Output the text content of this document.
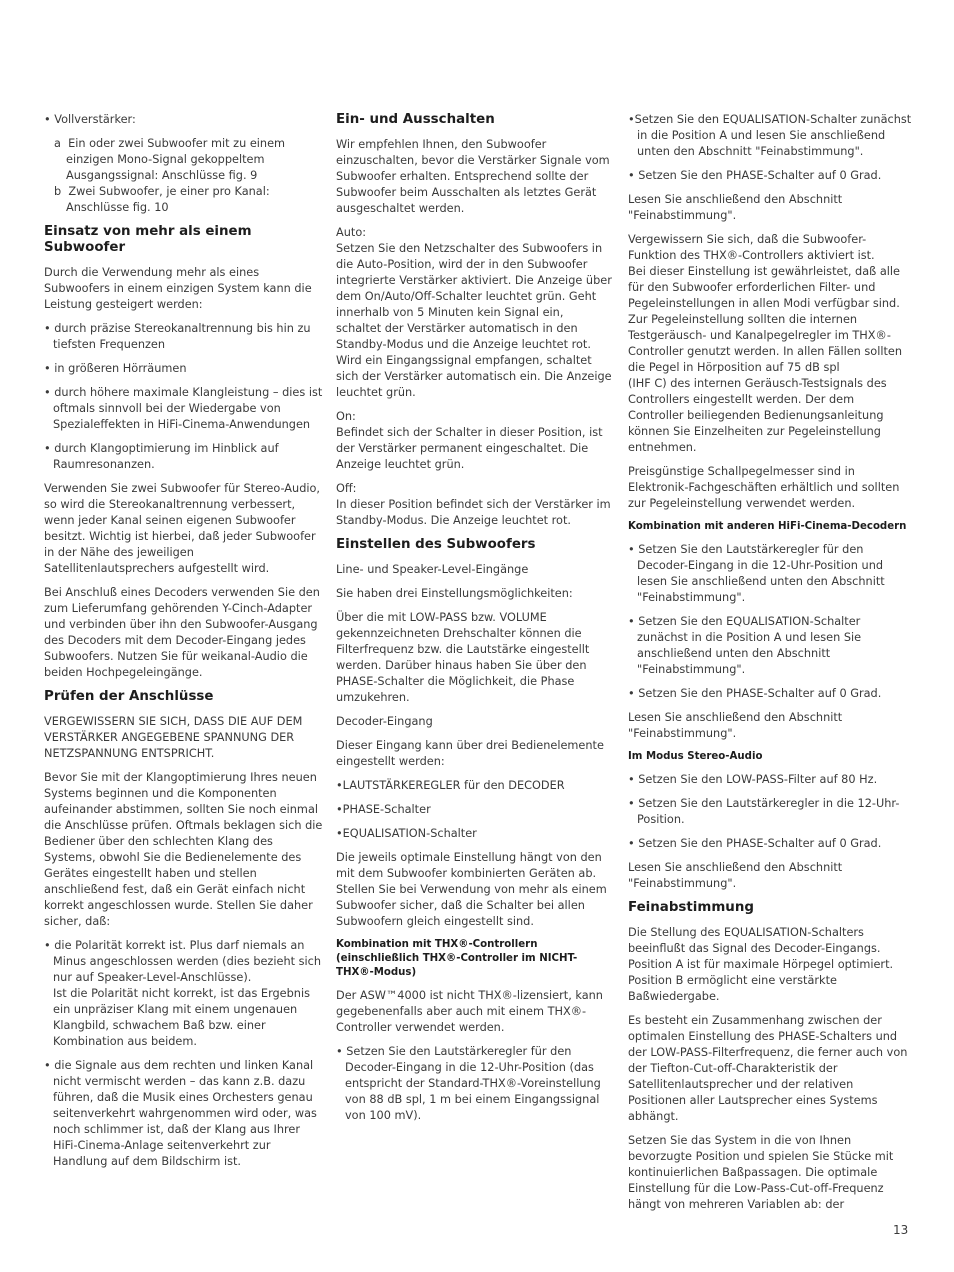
• Vollverstärker:

a  Ein oder zwei Subwoofer mit zu einem einzigen Mono-Signal gekoppeltem Ausgangssignal: Anschlüsse fig. 9

b  Zwei Subwoofer, je einer pro Kanal: Anschlüsse fig. 10

Einsatz von mehr als einem Subwoofer

Durch die Verwendung mehr als eines Subwoofers in einem einzigen System kann die Leistung gesteigert werden:

• durch präzise Stereokanaltrennung bis hin zu tiefsten Frequenzen
• in größeren Hörräumen
• durch höhere maximale Klangleistung – dies ist oftmals sinnvoll bei der Wiedergabe von Spezialeffekten in HiFi-Cinema-Anwendungen
• durch Klangoptimierung im Hinblick auf Raumresonanzen.

Verwenden Sie zwei Subwoofer für Stereo-Audio, so wird die Stereokanaltrennung verbessert, wenn jeder Kanal seinen eigenen Subwoofer besitzt. Wichtig ist hierbei, daß jeder Subwoofer in der Nähe des jeweiligen Satellitenlautsprechers aufgestellt wird.

Bei Anschluß eines Decoders verwenden Sie den zum Lieferumfang gehörenden Y-Cinch-Adapter und verbinden über ihn den Subwoofer-Ausgang des Decoders mit dem Decoder-Eingang jedes Subwoofers. Nutzen Sie für weikanal-Audio die beiden Hochpegeleingänge.

Prüfen der Anschlüsse

VERGEWISSERN SIE SICH, DASS DIE AUF DEM VERSTÄRKER ANGEGEBENE SPANNUNG DER NETZSPANNUNG ENTSPRICHT.

Bevor Sie mit der Klangoptimierung Ihres neuen Systems beginnen und die Komponenten aufeinander abstimmen, sollten Sie noch einmal die Anschlüsse prüfen. Oftmals beklagen sich die Bediener über den schlechten Klang des Systems, obwohl Sie die Bedienelemente des Gerätes eingestellt haben und stellen anschließend fest, daß ein Gerät einfach nicht korrekt angeschlossen wurde. Stellen Sie daher sicher, daß:

• die Polarität korrekt ist. Plus darf niemals an Minus angeschlossen werden (dies bezieht sich nur auf Speaker-Level-Anschlüsse).
Ist die Polarität nicht korrekt, ist das Ergebnis ein unpräziser Klang mit einem ungenauen Klangbild, schwachem Baß bzw. einer Kombination aus beidem.
• die Signale aus dem rechten und linken Kanal nicht vermischt werden – das kann z.B. dazu führen, daß die Musik eines Orchesters genau seitenverkehrt wahrgenommen wird oder, was noch schlimmer ist, daß der Klang aus Ihrer HiFi-Cinema-Anlage seitenverkehrt zur Handlung auf dem Bildschirm ist.
Ein- und Ausschalten

Wir empfehlen Ihnen, den Subwoofer einzuschalten, bevor die Verstärker Signale vom Subwoofer erhalten. Entsprechend sollte der Subwoofer beim Ausschalten als letztes Gerät ausgeschaltet werden.

Auto:
Setzen Sie den Netzschalter des Subwoofers in die Auto-Position, wird der in den Subwoofer integrierte Verstärker aktiviert. Die Anzeige über dem On/Auto/Off-Schalter leuchtet grün. Geht innerhalb von 5 Minuten kein Signal ein, schaltet der Verstärker automatisch in den Standby-Modus und die Anzeige leuchtet rot. Wird ein Eingangssignal empfangen, schaltet sich der Verstärker automatisch ein. Die Anzeige leuchtet grün.

On:
Befindet sich der Schalter in dieser Position, ist der Verstärker permanent eingeschaltet. Die Anzeige leuchtet grün.

Off:
In dieser Position befindet sich der Verstärker im Standby-Modus. Die Anzeige leuchtet rot.

Einstellen des Subwoofers

Line- und Speaker-Level-Eingänge

Sie haben drei Einstellungsmöglichkeiten:

Über die mit LOW-PASS bzw. VOLUME gekennzeichneten Drehschalter können die Filterfrequenz bzw. die Lautstärke eingestellt werden. Darüber hinaus haben Sie über den PHASE-Schalter die Möglichkeit, die Phase umzukehren.

Decoder-Eingang

Dieser Eingang kann über drei Bedienelemente eingestellt werden:

•LAUTSTÄRKEREGLER für den DECODER

•PHASE-Schalter

•EQUALISATION-Schalter

Die jeweils optimale Einstellung hängt von den mit dem Subwoofer kombinierten Geräten ab. Stellen Sie bei Verwendung von mehr als einem Subwoofer sicher, daß die Schalter bei allen Subwoofern gleich eingestellt sind.

Kombination mit THX®-Controllern (einschließlich THX®-Controller im NICHT-THX®-Modus)

Der ASW™4000 ist nicht THX®-lizensiert, kann gegebenenfalls aber auch mit einem THX®-Controller verwendet werden.

• Setzen Sie den Lautstärkeregler für den Decoder-Eingang in die 12-Uhr-Position (das entspricht der Standard-THX®-Voreinstellung von 88 dB spl, 1 m bei einem Eingangssignal von 100 mV).
•Setzen Sie den EQUALISATION-Schalter zunächst in die Position A und lesen Sie anschließend unten den Abschnitt "Feinabstimmung".
• Setzen Sie den PHASE-Schalter auf 0 Grad.

Lesen Sie anschließend den Abschnitt "Feinabstimmung".

Vergewissern Sie sich, daß die Subwoofer-Funktion des THX®-Controllers aktiviert ist.
Bei dieser Einstellung ist gewährleistet, daß alle für den Subwoofer erforderlichen Filter- und Pegeleinstellungen in allen Modi verfügbar sind. Zur Pegeleinstellung sollten die internen Testgeräusch- und Kanalpegelregler im THX®-Controller genutzt werden. In allen Fällen sollten die Pegel in Hörposition auf 75 dB spl
(IHF C) des internen Geräusch-Testsignals des Controllers eingestellt werden. Der dem Controller beiliegenden Bedienungsanleitung können Sie Einzelheiten zur Pegeleinstellung entnehmen.

Preisgünstige Schallpegelmesser sind in Elektronik-Fachgeschäften erhältlich und sollten zur Pegeleinstellung verwendet werden.

Kombination mit anderen HiFi-Cinema-Decodern
• Setzen Sie den Lautstärkeregler für den Decoder-Eingang in die 12-Uhr-Position und lesen Sie anschließend unten den Abschnitt "Feinabstimmung".
• Setzen Sie den EQUALISATION-Schalter zunächst in die Position A und lesen Sie anschließend unten den Abschnitt "Feinabstimmung".
• Setzen Sie den PHASE-Schalter auf 0 Grad.

Lesen Sie anschließend den Abschnitt "Feinabstimmung".

Im Modus Stereo-Audio
• Setzen Sie den LOW-PASS-Filter auf 80 Hz.
• Setzen Sie den Lautstärkeregler in die 12-Uhr-Position.
• Setzen Sie den PHASE-Schalter auf 0 Grad.

Lesen Sie anschließend den Abschnitt "Feinabstimmung".

Feinabstimmung

Die Stellung des EQUALISATION-Schalters beeinflußt das Signal des Decoder-Eingangs. Position A ist für maximale Hörpegel optimiert. Position B ermöglicht eine verstärkte Baßwiedergabe.

Es besteht ein Zusammenhang zwischen der optimalen Einstellung des PHASE-Schalters und der LOW-PASS-Filterfrequenz, die ferner auch von der Tiefton-Cut-off-Charakteristik der Satellitenlautsprecher und der relativen Positionen aller Lautsprecher eines Systems abhängt.

Setzen Sie das System in die von Ihnen bevorzugte Position und spielen Sie Stücke mit kontinuierlichen Baßpassagen. Die optimale Einstellung für die Low-Pass-Cut-off-Frequenz hängt von mehreren Variablen ab: der

13
